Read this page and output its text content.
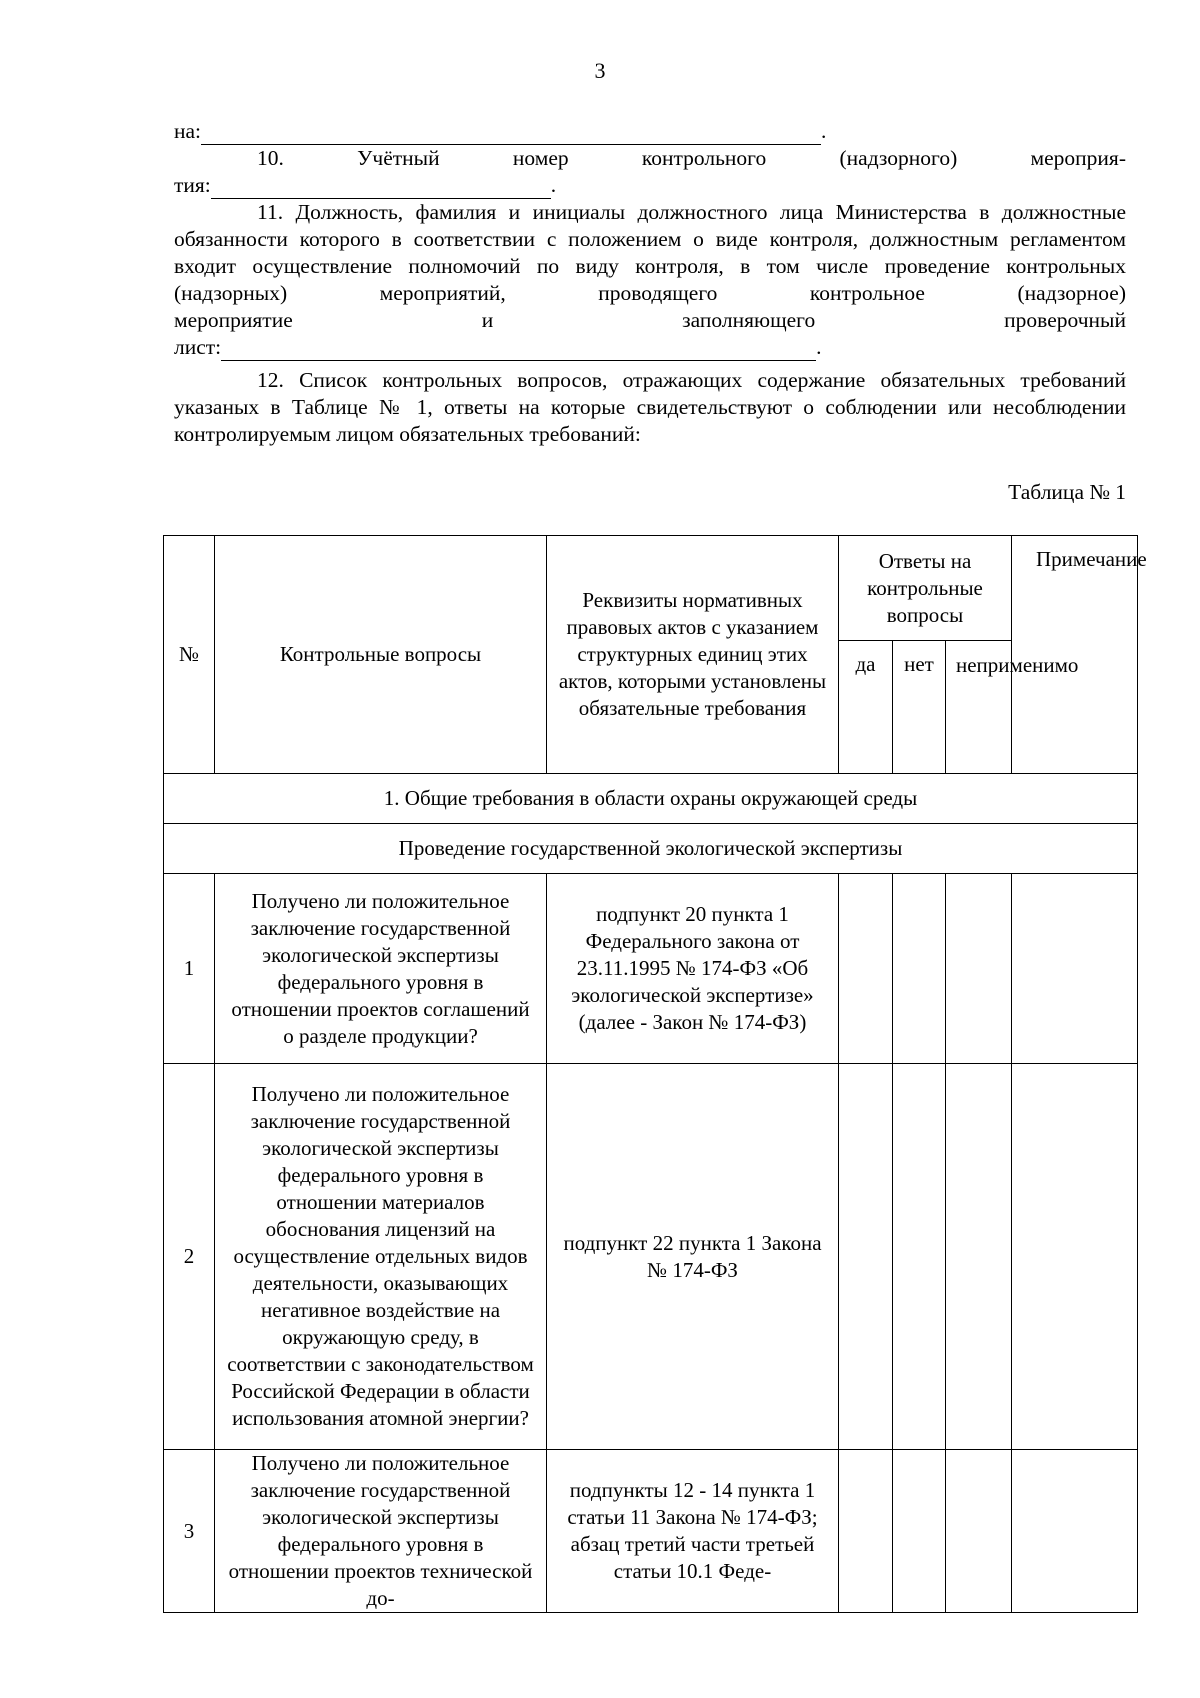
3
на:	.
10.	Учётный	номер	контрольного	(надзорного)	мероприя-
тия:	.
11. Должность, фамилия и инициалы должностного лица Министерства в должностные обязанности которого в соответствии с положением о виде контроля, должностным регламентом входит осуществление полномочий по виду контроля, в том числе проведение контрольных (надзорных) мероприятий, проводящего контрольное (надзорное)
мероприятие	и	заполняющего	проверочный
лист:	.
12. Список контрольных вопросов, отражающих содержание обязательных требований указаных в Таблице № 1, ответы на которые свидетельствуют о соблюдении или несоблюдении контролируемым лицом обязательных требований:
Таблица № 1
№	Контрольные вопросы	Реквизиты нормативных правовых актов с указанием структурных единиц этих актов, которыми установлены обязательные требования	Ответы на контрольные вопросы			Примечание
			да	нет	неприменимо	
1. Общие требования в области охраны окружающей среды						
Проведение государственной экологической экспертизы						
1	Получено ли положительное заключение государственной экологической экспертизы федерального уровня в отношении проектов соглашений о разделе продукции?	подпункт 20 пункта 1 Федерального закона от 23.11.1995 № 174-ФЗ «Об экологической экспертизе» (далее - Закон № 174-ФЗ)				
2	Получено ли положительное заключение государственной экологической экспертизы федерального уровня в отношении материалов обоснования лицензий на осуществление отдельных видов деятельности, оказывающих негативное воздействие на окружающую среду, в соответствии с законодательством Российской Федерации в области использования атомной энергии?	подпункт 22 пункта 1 Закона № 174-ФЗ				
3	Получено ли положительное заключение государственной экологической экспертизы федерального уровня в отношении проектов технической до-	подпункты 12 - 14 пункта 1 статьи 11 Закона № 174-ФЗ; абзац третий части третьей статьи 10.1 Феде-				
